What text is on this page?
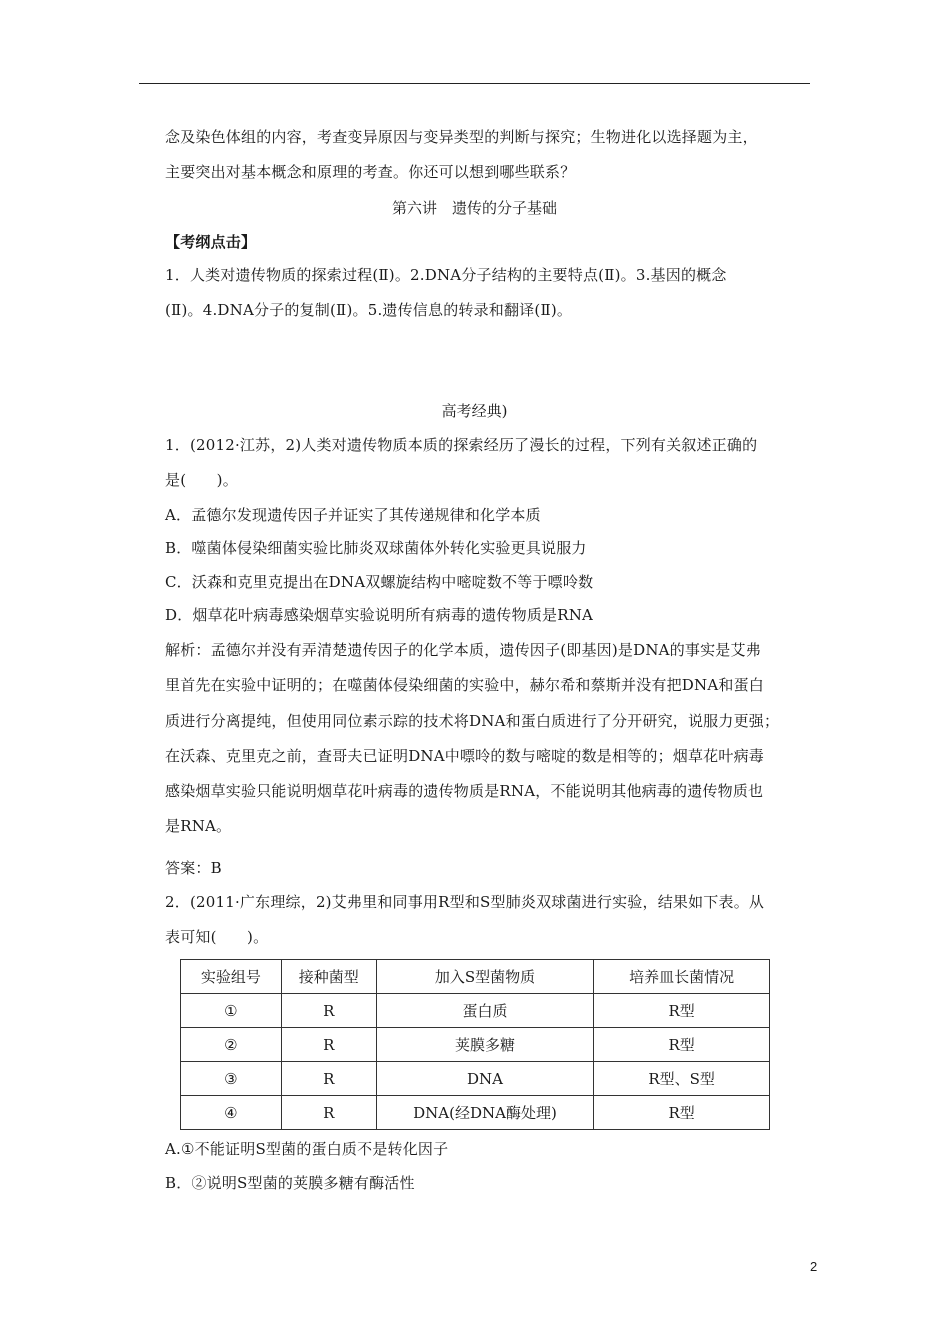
念及染色体组的内容，考查变异原因与变异类型的判断与探究；生物进化以选择题为主，
主要突出对基本概念和原理的考查。你还可以想到哪些联系？
第六讲　遗传的分子基础
【考纲点击】
1．人类对遗传物质的探索过程(Ⅱ)。2.DNA分子结构的主要特点(Ⅱ)。3.基因的概念
(Ⅱ)。4.DNA分子的复制(Ⅱ)。5.遗传信息的转录和翻译(Ⅱ)。
高考经典)
1．(2012·江苏，2)人类对遗传物质本质的探索经历了漫长的过程，下列有关叙述正确的
是(　　)。
A．孟德尔发现遗传因子并证实了其传递规律和化学本质
B．噬菌体侵染细菌实验比肺炎双球菌体外转化实验更具说服力
C．沃森和克里克提出在DNA双螺旋结构中嘧啶数不等于嘌呤数
D．烟草花叶病毒感染烟草实验说明所有病毒的遗传物质是RNA
解析：孟德尔并没有弄清楚遗传因子的化学本质，遗传因子(即基因)是DNA的事实是艾弗
里首先在实验中证明的；在噬菌体侵染细菌的实验中，赫尔希和蔡斯并没有把DNA和蛋白
质进行分离提纯，但使用同位素示踪的技术将DNA和蛋白质进行了分开研究，说服力更强；
在沃森、克里克之前，查哥夫已证明DNA中嘌呤的数与嘧啶的数是相等的；烟草花叶病毒
感染烟草实验只能说明烟草花叶病毒的遗传物质是RNA，不能说明其他病毒的遗传物质也
是RNA。
答案：B
2．(2011·广东理综，2)艾弗里和同事用R型和S型肺炎双球菌进行实验，结果如下表。从
表可知(　　)。
实验组号	接种菌型	加入S型菌物质	培养皿长菌情况
①	R	蛋白质	R型
②	R	荚膜多糖	R型
③	R	DNA	R型、S型
④	R	DNA(经DNA酶处理)	R型
A.①不能证明S型菌的蛋白质不是转化因子
B．②说明S型菌的荚膜多糖有酶活性
2
